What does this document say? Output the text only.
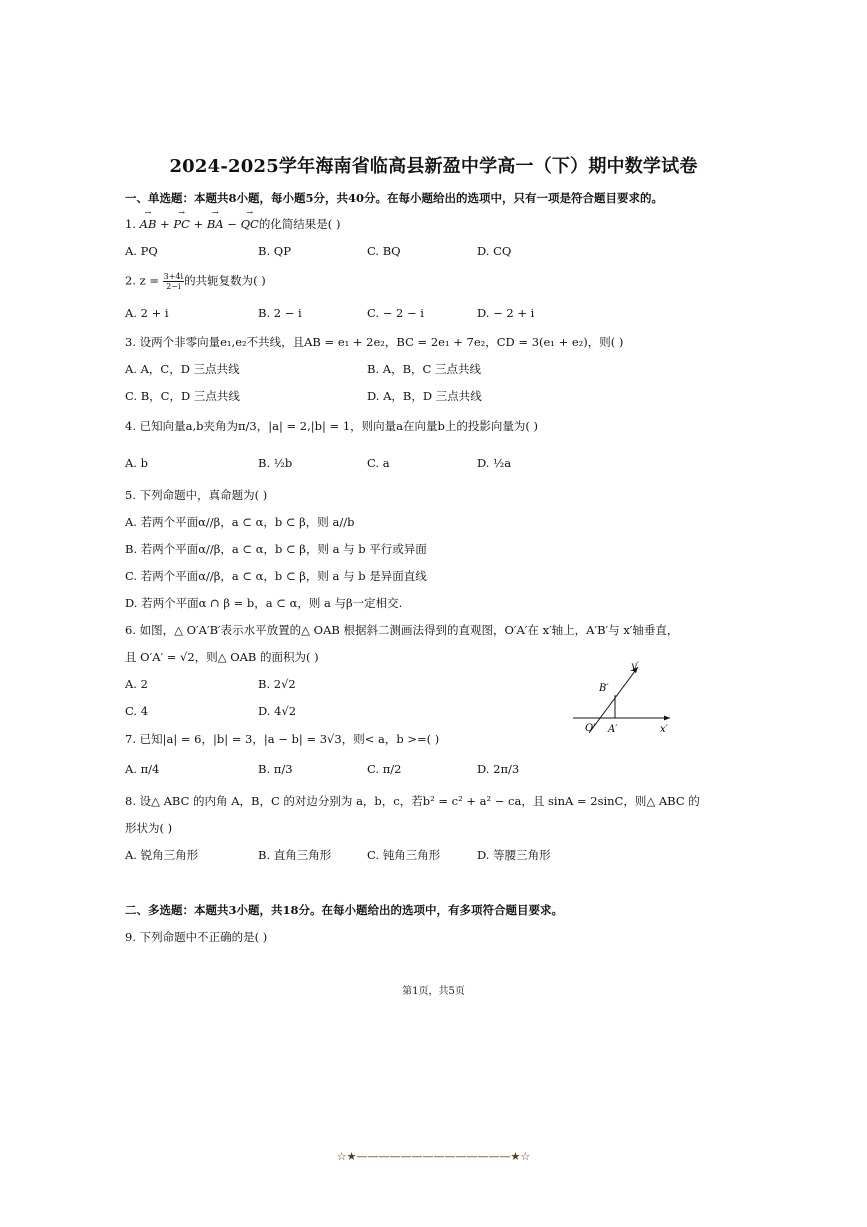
2024-2025学年海南省临高县新盈中学高一（下）期中数学试卷
一、单选题：本题共8小题，每小题5分，共40分。在每小题给出的选项中，只有一项是符合题目要求的。
1. → AB + → PC + → BA − → QC的化简结果是( )
A. PQ	B. QP	C. BQ	D. CQ
2. $z = \frac{3+4i}{2-i}$ 的共轭复数为( )
A. 2 + i	B. 2 − i	C. − 2 − i	D. − 2 + i
3. 设两个非零向量e₁,e₂不共线，且AB = e₁ + 2e₂，BC = 2e₁ + 7e₂，CD = 3(e₁ + e₂)，则( )
A. A，C，D 三点共线	B. A，B，C 三点共线
C. B，C，D 三点共线	D. A，B，D 三点共线
4. 已知向量a,b夹角为π/3，|a| = 2,|b| = 1，则向量a在向量b上的投影向量为( )
A. b	B. ½b	C. a	D. ½a
5. 下列命题中，真命题为( )
A. 若两个平面α//β，a ⊂ α，b ⊂ β，则 a//b
B. 若两个平面α//β，a ⊂ α，b ⊂ β，则 a 与 b 平行或异面
C. 若两个平面α//β，a ⊂ α，b ⊂ β，则 a 与 b 是异面直线
D. 若两个平面α ∩ β = b，a ⊂ α，则 a 与β一定相交.
6. 如图，△ O′A′B′表示水平放置的△ OAB 根据斜二测画法得到的直观图，O′A′在 x′轴上，A′B′与 x′轴垂直，
且 O′A′ = √2，则△ OAB 的面积为( )
A. 2	B. 2√2
C. 4	D. 4√2
y′
B′
O′ A′	x′
7. 已知|a| = 6，|b| = 3，|a − b| = 3√3，则< a，b >=( )
A. π/4	B. π/3	C. π/2	D. 2π/3
8. 设△ ABC 的内角 A，B，C 的对边分别为 a，b，c，若b² = c² + a² − ca，且 sinA = 2sinC，则△ ABC 的
形状为( )
A. 锐角三角形	B. 直角三角形	C. 钝角三角形	D. 等腰三角形
二、多选题：本题共3小题，共18分。在每小题给出的选项中，有多项符合题目要求。
9. 下列命题中不正确的是( )
第1页，共5页
☆★——————————————★☆
